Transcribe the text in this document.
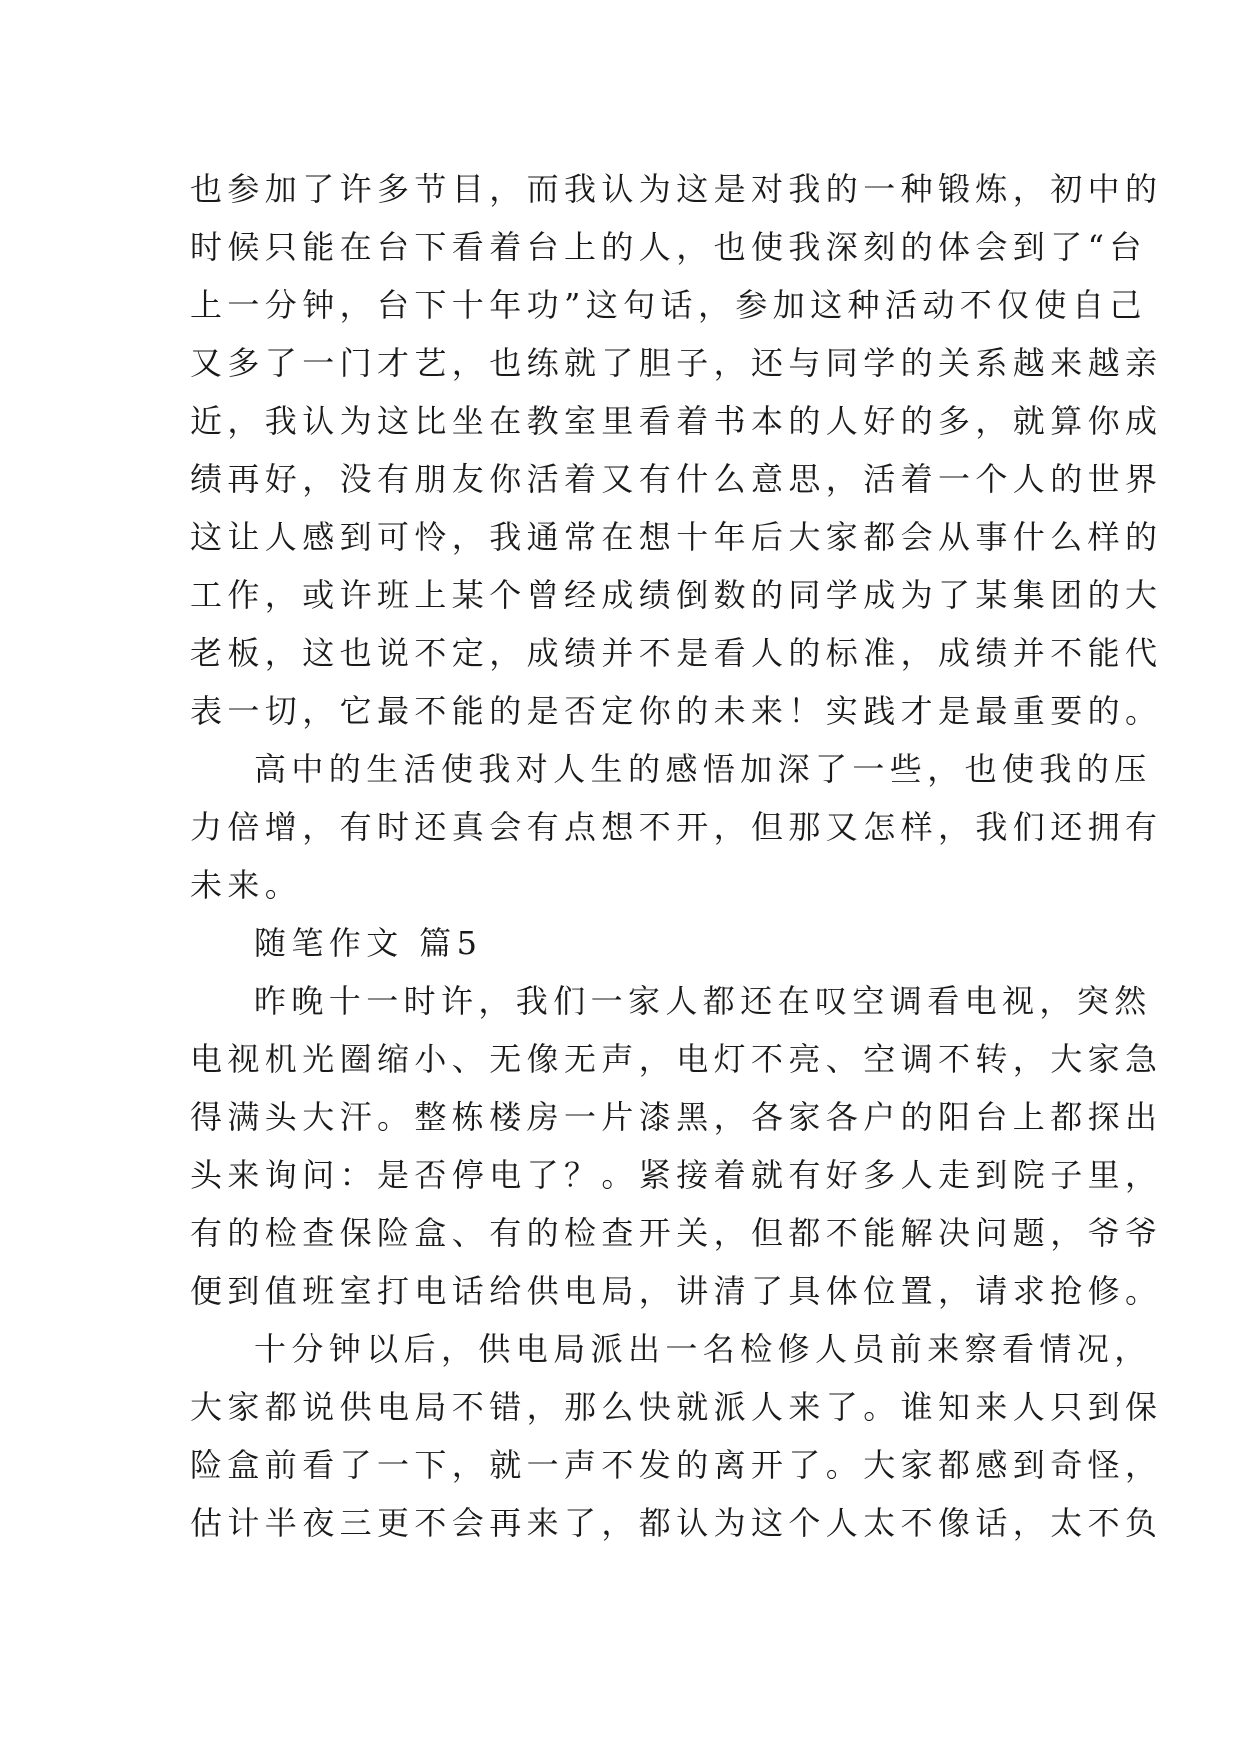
也参加了许多节目，而我认为这是对我的一种锻炼，初中的
时候只能在台下看着台上的人，也使我深刻的体会到了“台
上一分钟，台下十年功”这句话，参加这种活动不仅使自己
又多了一门才艺，也练就了胆子，还与同学的关系越来越亲
近，我认为这比坐在教室里看着书本的人好的多，就算你成
绩再好，没有朋友你活着又有什么意思，活着一个人的世界
这让人感到可怜，我通常在想十年后大家都会从事什么样的
工作，或许班上某个曾经成绩倒数的同学成为了某集团的大
老板，这也说不定，成绩并不是看人的标准，成绩并不能代
表一切，它最不能的是否定你的未来！实践才是最重要的。
高中的生活使我对人生的感悟加深了一些，也使我的压
力倍增，有时还真会有点想不开，但那又怎样，我们还拥有
未来。
随笔作文 篇5
昨晚十一时许，我们一家人都还在叹空调看电视，突然
电视机光圈缩小、无像无声，电灯不亮、空调不转，大家急
得满头大汗。整栋楼房一片漆黑，各家各户的阳台上都探出
头来询问：是否停电了？。紧接着就有好多人走到院子里，
有的检查保险盒、有的检查开关，但都不能解决问题，爷爷
便到值班室打电话给供电局，讲清了具体位置，请求抢修。
十分钟以后，供电局派出一名检修人员前来察看情况，
大家都说供电局不错，那么快就派人来了。谁知来人只到保
险盒前看了一下，就一声不发的离开了。大家都感到奇怪，
估计半夜三更不会再来了，都认为这个人太不像话，太不负
